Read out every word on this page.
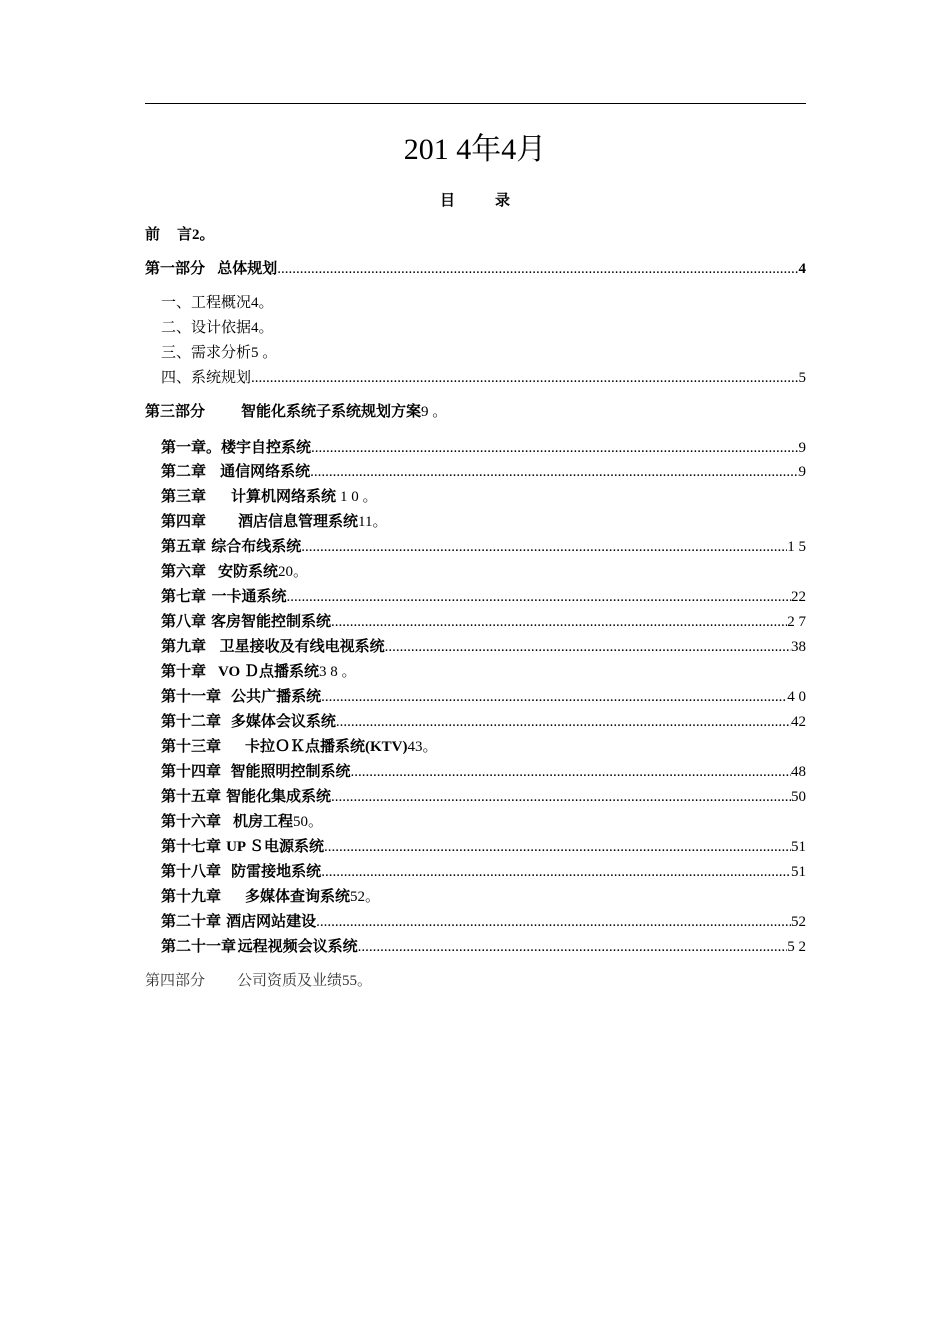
201 4年4月
目	录
前 言 2。
第一部分 总体规划 .....	4
一、工程概况 4。
二、设计依据 4。
三、需求分析 5 。
四、系统规划 .....	5
第三部分 智能化系统子系统规划方案 9 。
第一章 。楼宇自控系统 .....	9
第二章 通信网络系统 .....	9
第三章 计算机网络系统 1 0 。
第四章 酒店信息管理系统 11。
第五章 综合布线系统 .....	1 5
第六章 安防系统 20。
第七章 一卡通系统 .....	22
第八章 客房智能控制系统 .....	2 7
第九章 卫星接收及有线电视系统 .....	38
第十章 VO Ｄ点播系统 3 8 。
第十一章 公共广播系统 .....	4 0
第十二章 多媒体会议系统 .....	42
第十三章 卡拉ＯＫ点播系统(KTV) 43。
第十四章 智能照明控制系统 .....	48
第十五章 智能化集成系统 .....	50
第十六章 机房工程 50。
第十七章 UP Ｓ电源系统 .....	51
第十八章 防雷接地系统 .....	51
第十九章 多媒体查询系统 52。
第二十章 酒店网站建设 .....	52
第二十一章 远程视频会议系统 .....	5 2
第四部分 公司资质及业绩 55。
